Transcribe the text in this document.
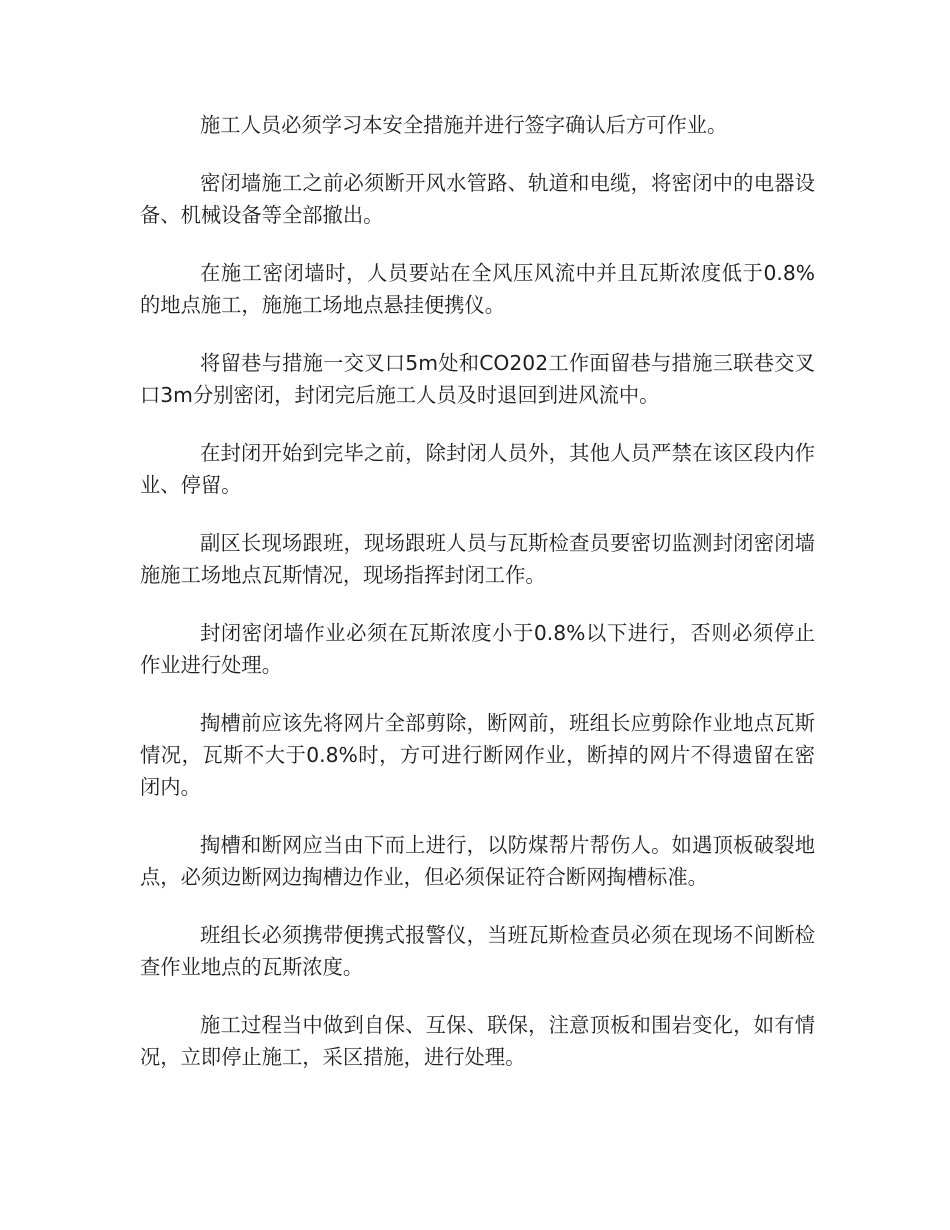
施工人员必须学习本安全措施并进行签字确认后方可作业。

密闭墙施工之前必须断开风水管路、轨道和电缆，将密闭中的电器设备、机械设备等全部撤出。

在施工密闭墙时，人员要站在全风压风流中并且瓦斯浓度低于0.8%的地点施工，施施工场地点悬挂便携仪。

将留巷与措施一交叉口5m处和CO202工作面留巷与措施三联巷交叉口3m分别密闭，封闭完后施工人员及时退回到进风流中。

在封闭开始到完毕之前，除封闭人员外，其他人员严禁在该区段内作业、停留。

副区长现场跟班，现场跟班人员与瓦斯检查员要密切监测封闭密闭墙施施工场地点瓦斯情况，现场指挥封闭工作。

封闭密闭墙作业必须在瓦斯浓度小于0.8%以下进行，否则必须停止作业进行处理。

掏槽前应该先将网片全部剪除，断网前，班组长应剪除作业地点瓦斯情况，瓦斯不大于0.8%时，方可进行断网作业，断掉的网片不得遗留在密闭内。

掏槽和断网应当由下而上进行，以防煤帮片帮伤人。如遇顶板破裂地点，必须边断网边掏槽边作业，但必须保证符合断网掏槽标准。

班组长必须携带便携式报警仪，当班瓦斯检查员必须在现场不间断检查作业地点的瓦斯浓度。

施工过程当中做到自保、互保、联保，注意顶板和围岩变化，如有情况，立即停止施工，采区措施，进行处理。
